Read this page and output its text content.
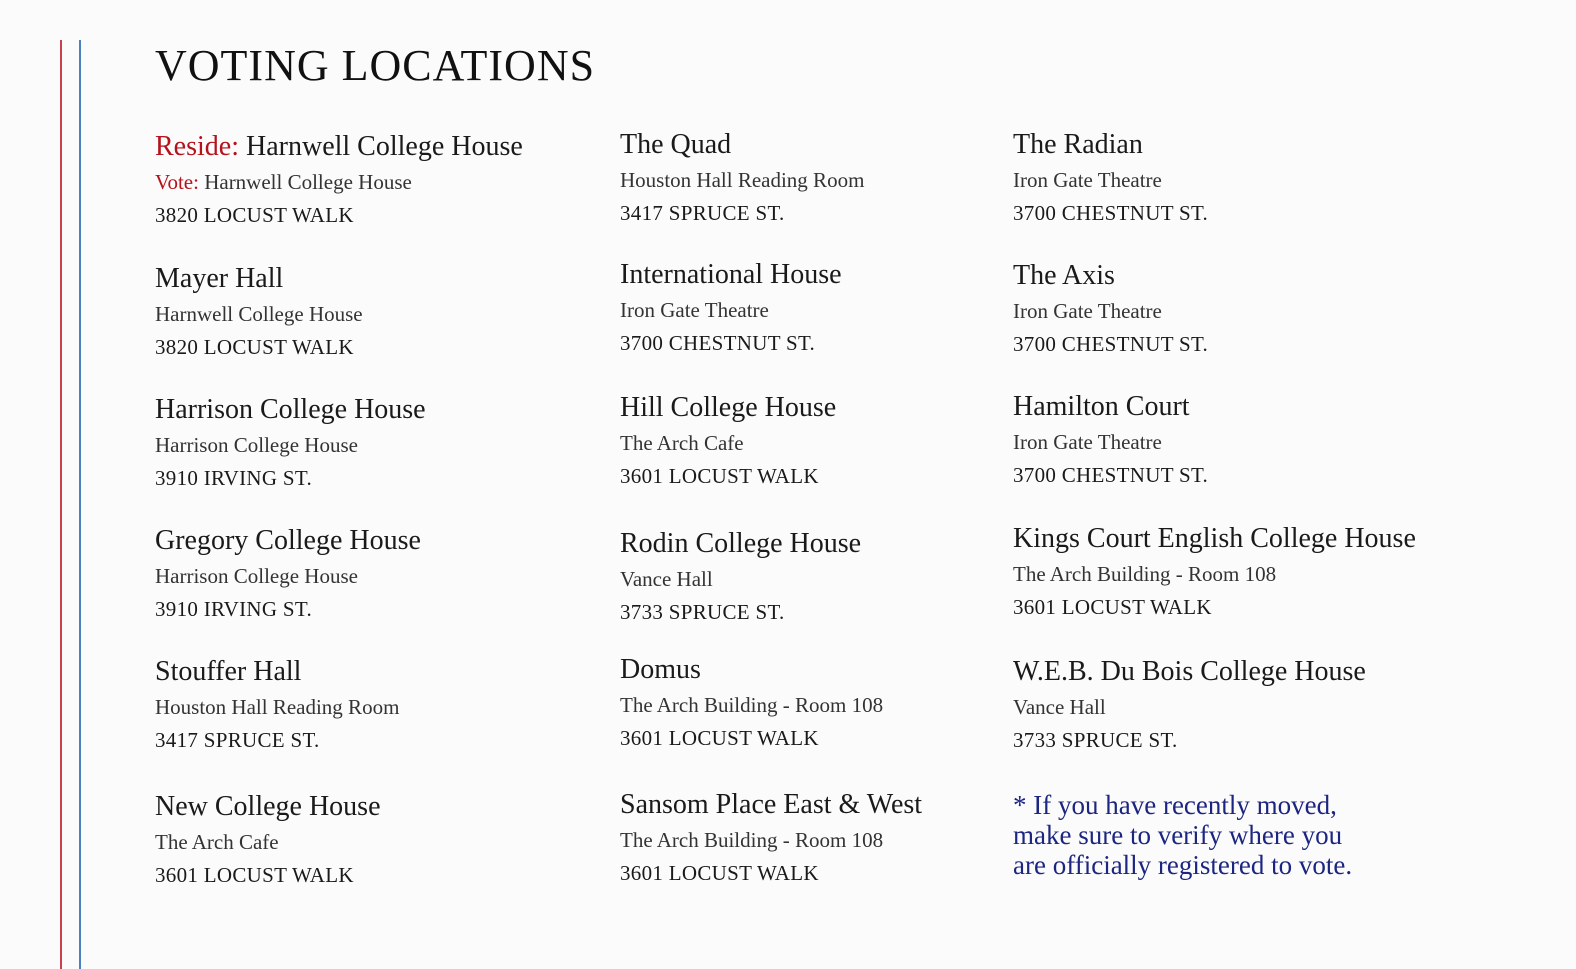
VOTING LOCATIONS
Reside: Harnwell College House
Vote: Harnwell College House
3820 LOCUST WALK
Mayer Hall
Harnwell College House
3820 LOCUST WALK
Harrison College House
Harrison College House
3910 IRVING ST.
Gregory College House
Harrison College House
3910 IRVING ST.
Stouffer Hall
Houston Hall Reading Room
3417 SPRUCE ST.
New College House
The Arch Cafe
3601 LOCUST WALK
The Quad
Houston Hall Reading Room
3417 SPRUCE ST.
International House
Iron Gate Theatre
3700 CHESTNUT ST.
Hill College House
The Arch Cafe
3601 LOCUST WALK
Rodin College House
Vance Hall
3733 SPRUCE ST.
Domus
The Arch Building - Room 108
3601 LOCUST WALK
Sansom Place East & West
The Arch Building - Room 108
3601 LOCUST WALK
The Radian
Iron Gate Theatre
3700 CHESTNUT ST.
The Axis
Iron Gate Theatre
3700 CHESTNUT ST.
Hamilton Court
Iron Gate Theatre
3700 CHESTNUT ST.
Kings Court English College House
The Arch Building - Room 108
3601 LOCUST WALK
W.E.B. Du Bois College House
Vance Hall
3733 SPRUCE ST.
* If you have recently moved, make sure to verify where you are officially registered to vote.
